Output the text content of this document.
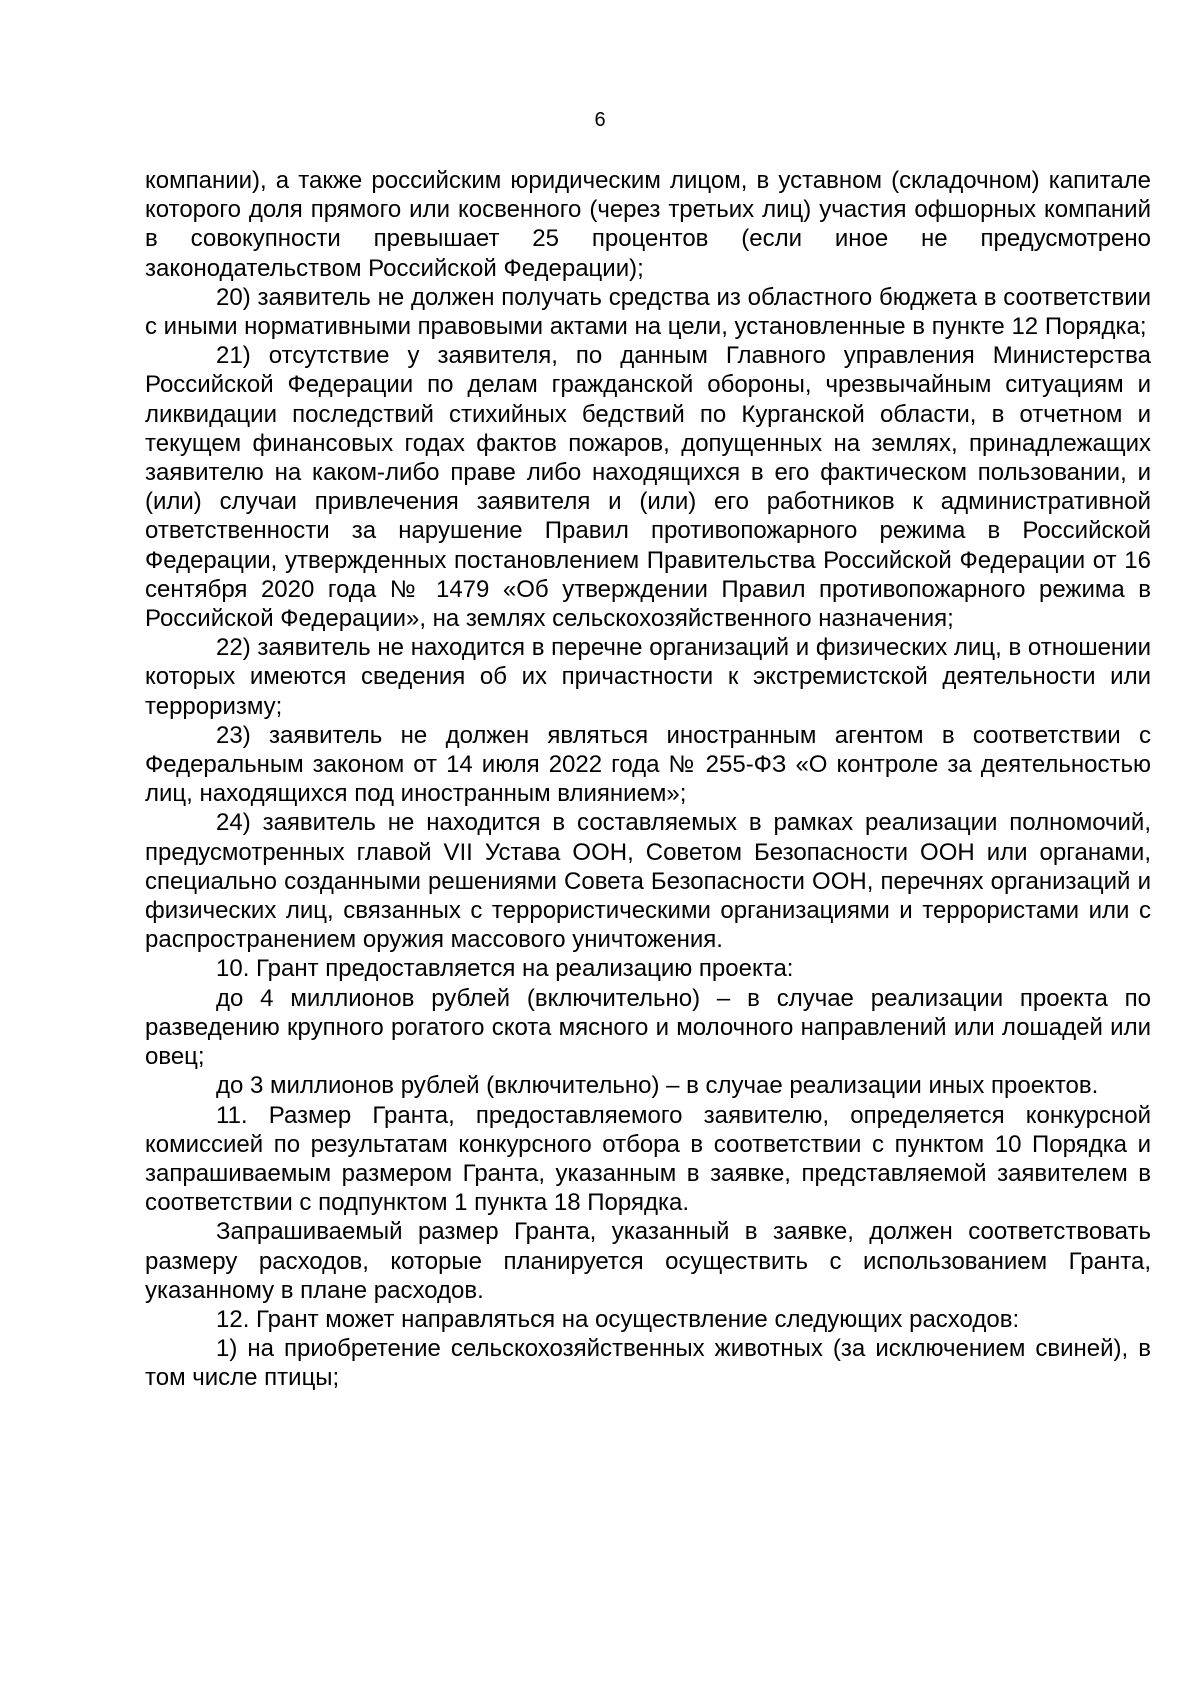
6

компании), а также российским юридическим лицом, в уставном (складочном) капитале которого доля прямого или косвенного (через третьих лиц) участия офшорных компаний в совокупности превышает 25 процентов (если иное не предусмотрено законодательством Российской Федерации);

20) заявитель не должен получать средства из областного бюджета в соответствии с иными нормативными правовыми актами на цели, установленные в пункте 12 Порядка;

21) отсутствие у заявителя, по данным Главного управления Министерства Российской Федерации по делам гражданской обороны, чрезвычайным ситуациям и ликвидации последствий стихийных бедствий по Курганской области, в отчетном и текущем финансовых годах фактов пожаров, допущенных на землях, принадлежащих заявителю на каком-либо праве либо находящихся в его фактическом пользовании, и (или) случаи привлечения заявителя и (или) его работников к административной ответственности за нарушение Правил противопожарного режима в Российской Федерации, утвержденных постановлением Правительства Российской Федерации от 16 сентября 2020 года № 1479 «Об утверждении Правил противопожарного режима в Российской Федерации», на землях сельскохозяйственного назначения;

22) заявитель не находится в перечне организаций и физических лиц, в отношении которых имеются сведения об их причастности к экстремистской деятельности или терроризму;

23) заявитель не должен являться иностранным агентом в соответствии с Федеральным законом от 14 июля 2022 года № 255-ФЗ «О контроле за деятельностью лиц, находящихся под иностранным влиянием»;

24) заявитель не находится в составляемых в рамках реализации полномочий, предусмотренных главой VII Устава ООН, Советом Безопасности ООН или органами, специально созданными решениями Совета Безопасности ООН, перечнях организаций и физических лиц, связанных с террористическими организациями и террористами или с распространением оружия массового уничтожения.

10. Грант предоставляется на реализацию проекта:

до 4 миллионов рублей (включительно) – в случае реализации проекта по разведению крупного рогатого скота мясного и молочного направлений или лошадей или овец;

до 3 миллионов рублей (включительно) – в случае реализации иных проектов.

11. Размер Гранта, предоставляемого заявителю, определяется конкурсной комиссией по результатам конкурсного отбора в соответствии с пунктом 10 Порядка и запрашиваемым размером Гранта, указанным в заявке, представляемой заявителем в соответствии с подпунктом 1 пункта 18 Порядка.

Запрашиваемый размер Гранта, указанный в заявке, должен соответствовать размеру расходов, которые планируется осуществить с использованием Гранта, указанному в плане расходов.

12. Грант может направляться на осуществление следующих расходов:

1) на приобретение сельскохозяйственных животных (за исключением свиней), в том числе птицы;
